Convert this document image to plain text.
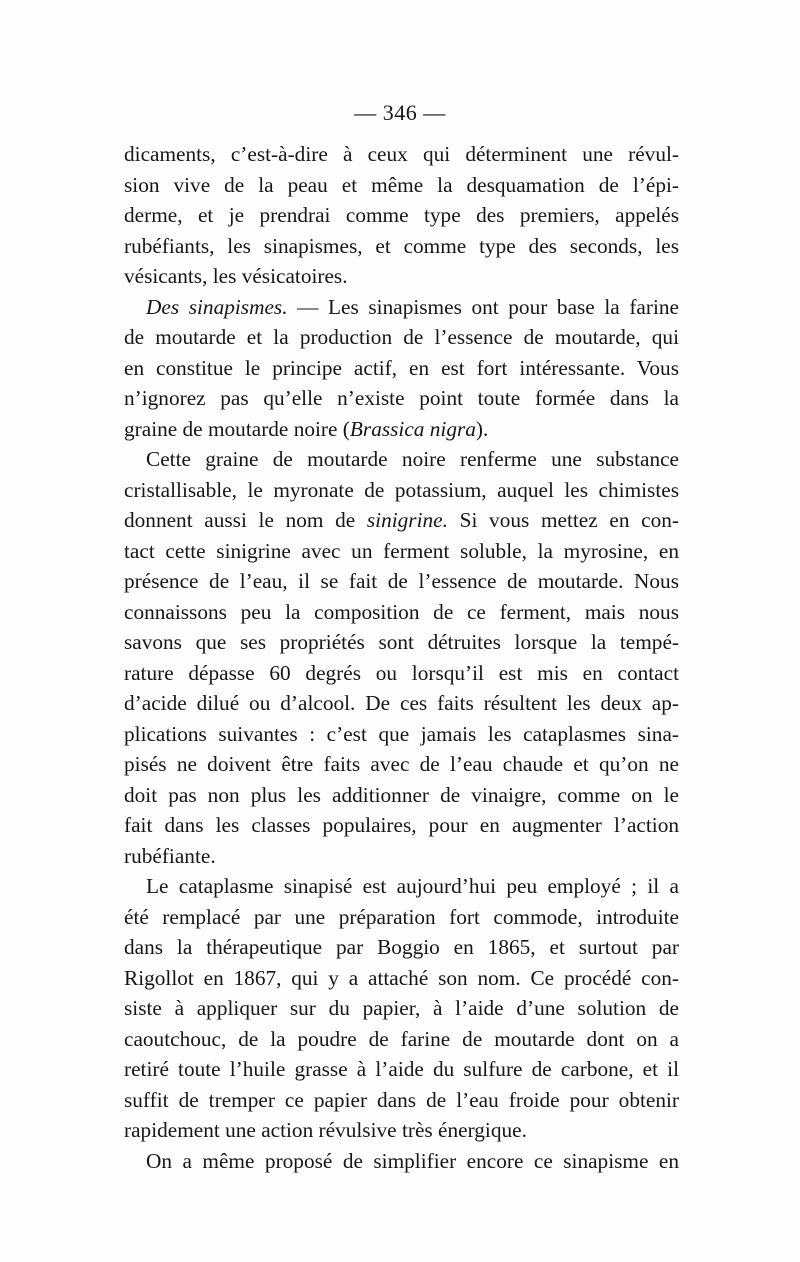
— 346 —

dicaments, c’est-à-dire à ceux qui déterminent une révul-
sion vive de la peau et même la desquamation de l’épi-
derme, et je prendrai comme type des premiers, appelés
rubéfiants, les sinapismes, et comme type des seconds, les
vésicants, les vésicatoires.
Des sinapismes. — Les sinapismes ont pour base la farine
de moutarde et la production de l’essence de moutarde, qui
en constitue le principe actif, en est fort intéressante. Vous
n’ignorez pas qu’elle n’existe point toute formée dans la
graine de moutarde noire (Brassica nigra).
Cette graine de moutarde noire renferme une substance
cristallisable, le myronate de potassium, auquel les chimistes
donnent aussi le nom de sinigrine. Si vous mettez en con-
tact cette sinigrine avec un ferment soluble, la myrosine, en
présence de l’eau, il se fait de l’essence de moutarde. Nous
connaissons peu la composition de ce ferment, mais nous
savons que ses propriétés sont détruites lorsque la tempé-
rature dépasse 60 degrés ou lorsqu’il est mis en contact
d’acide dilué ou d’alcool. De ces faits résultent les deux ap-
plications suivantes : c’est que jamais les cataplasmes sina-
pisés ne doivent être faits avec de l’eau chaude et qu’on ne
doit pas non plus les additionner de vinaigre, comme on le
fait dans les classes populaires, pour en augmenter l’action
rubéfiante.
Le cataplasme sinapisé est aujourd’hui peu employé ; il a
été remplacé par une préparation fort commode, introduite
dans la thérapeutique par Boggio en 1865, et surtout par
Rigollot en 1867, qui y a attaché son nom. Ce procédé con-
siste à appliquer sur du papier, à l’aide d’une solution de
caoutchouc, de la poudre de farine de moutarde dont on a
retiré toute l’huile grasse à l’aide du sulfure de carbone, et il
suffit de tremper ce papier dans de l’eau froide pour obtenir
rapidement une action révulsive très énergique.
On a même proposé de simplifier encore ce sinapisme en
